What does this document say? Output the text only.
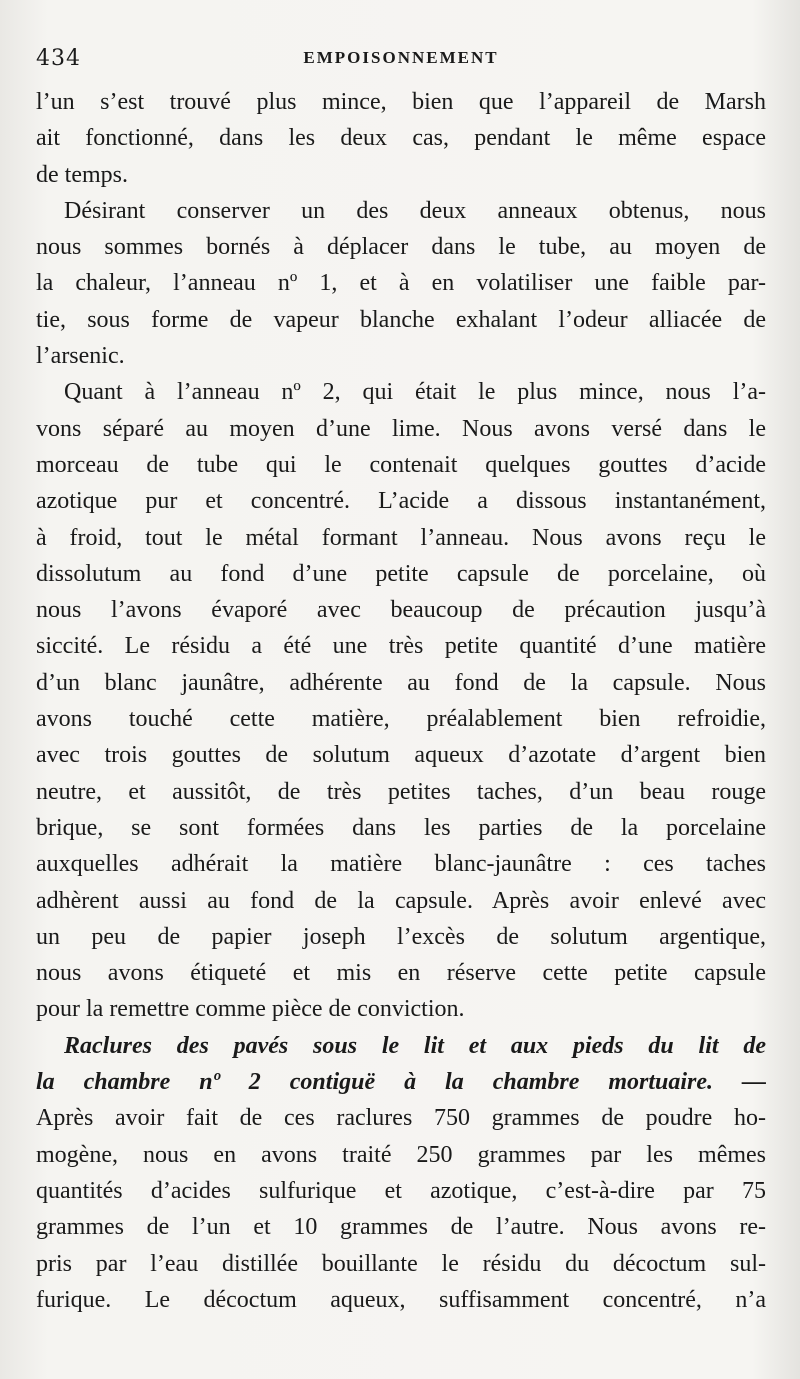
434	EMPOISONNEMENT
l’un s’est trouvé plus mince, bien que l’appareil de Marsh
ait fonctionné, dans les deux cas, pendant le même espace
de temps.
Désirant conserver un des deux anneaux obtenus, nous
nous sommes bornés à déplacer dans le tube, au moyen de
la chaleur, l’anneau nº 1, et à en volatiliser une faible par-
tie, sous forme de vapeur blanche exhalant l’odeur alliacée de
l’arsenic.
Quant à l’anneau nº 2, qui était le plus mince, nous l’a-
vons séparé au moyen d’une lime. Nous avons versé dans le
morceau de tube qui le contenait quelques gouttes d’acide
azotique pur et concentré. L’acide a dissous instantanément,
à froid, tout le métal formant l’anneau. Nous avons reçu le
dissolutum au fond d’une petite capsule de porcelaine, où
nous l’avons évaporé avec beaucoup de précaution jusqu’à
siccité. Le résidu a été une très petite quantité d’une matière
d’un blanc jaunâtre, adhérente au fond de la capsule. Nous
avons touché cette matière, préalablement bien refroidie,
avec trois gouttes de solutum aqueux d’azotate d’argent bien
neutre, et aussitôt, de très petites taches, d’un beau rouge
brique, se sont formées dans les parties de la porcelaine
auxquelles adhérait la matière blanc-jaunâtre : ces taches
adhèrent aussi au fond de la capsule. Après avoir enlevé avec
un peu de papier joseph l’excès de solutum argentique,
nous avons étiqueté et mis en réserve cette petite capsule
pour la remettre comme pièce de conviction.
Raclures des pavés sous le lit et aux pieds du lit de
la chambre nº 2 contiguë à la chambre mortuaire. —
Après avoir fait de ces raclures 750 grammes de poudre ho-
mogène, nous en avons traité 250 grammes par les mêmes
quantités d’acides sulfurique et azotique, c’est-à-dire par 75
grammes de l’un et 10 grammes de l’autre. Nous avons re-
pris par l’eau distillée bouillante le résidu du décoctum sul-
furique. Le décoctum aqueux, suffisamment concentré, n’a
